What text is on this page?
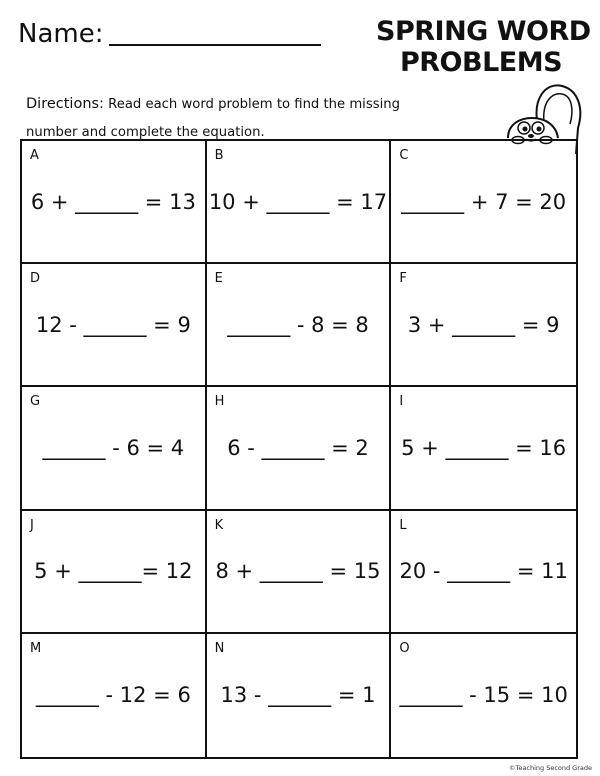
Name:	SPRING WORD
PROBLEMS
Directions: Read each word problem to find the missing number and complete the equation.
A
6 + ______ = 13
B
10 + ______ = 17
C
______ + 7 = 20
D
12 - ______ = 9
E
______ - 8 = 8
F
3 + ______ = 9
G
______ - 6 = 4
H
6 - ______ = 2
I
5 + ______ = 16
J
5 + ______= 12
K
8 + ______ = 15
L
20 - ______ = 11
M
______ - 12 = 6
N
13 - ______ = 1
O
______ - 15 = 10
©Teaching Second Grade
